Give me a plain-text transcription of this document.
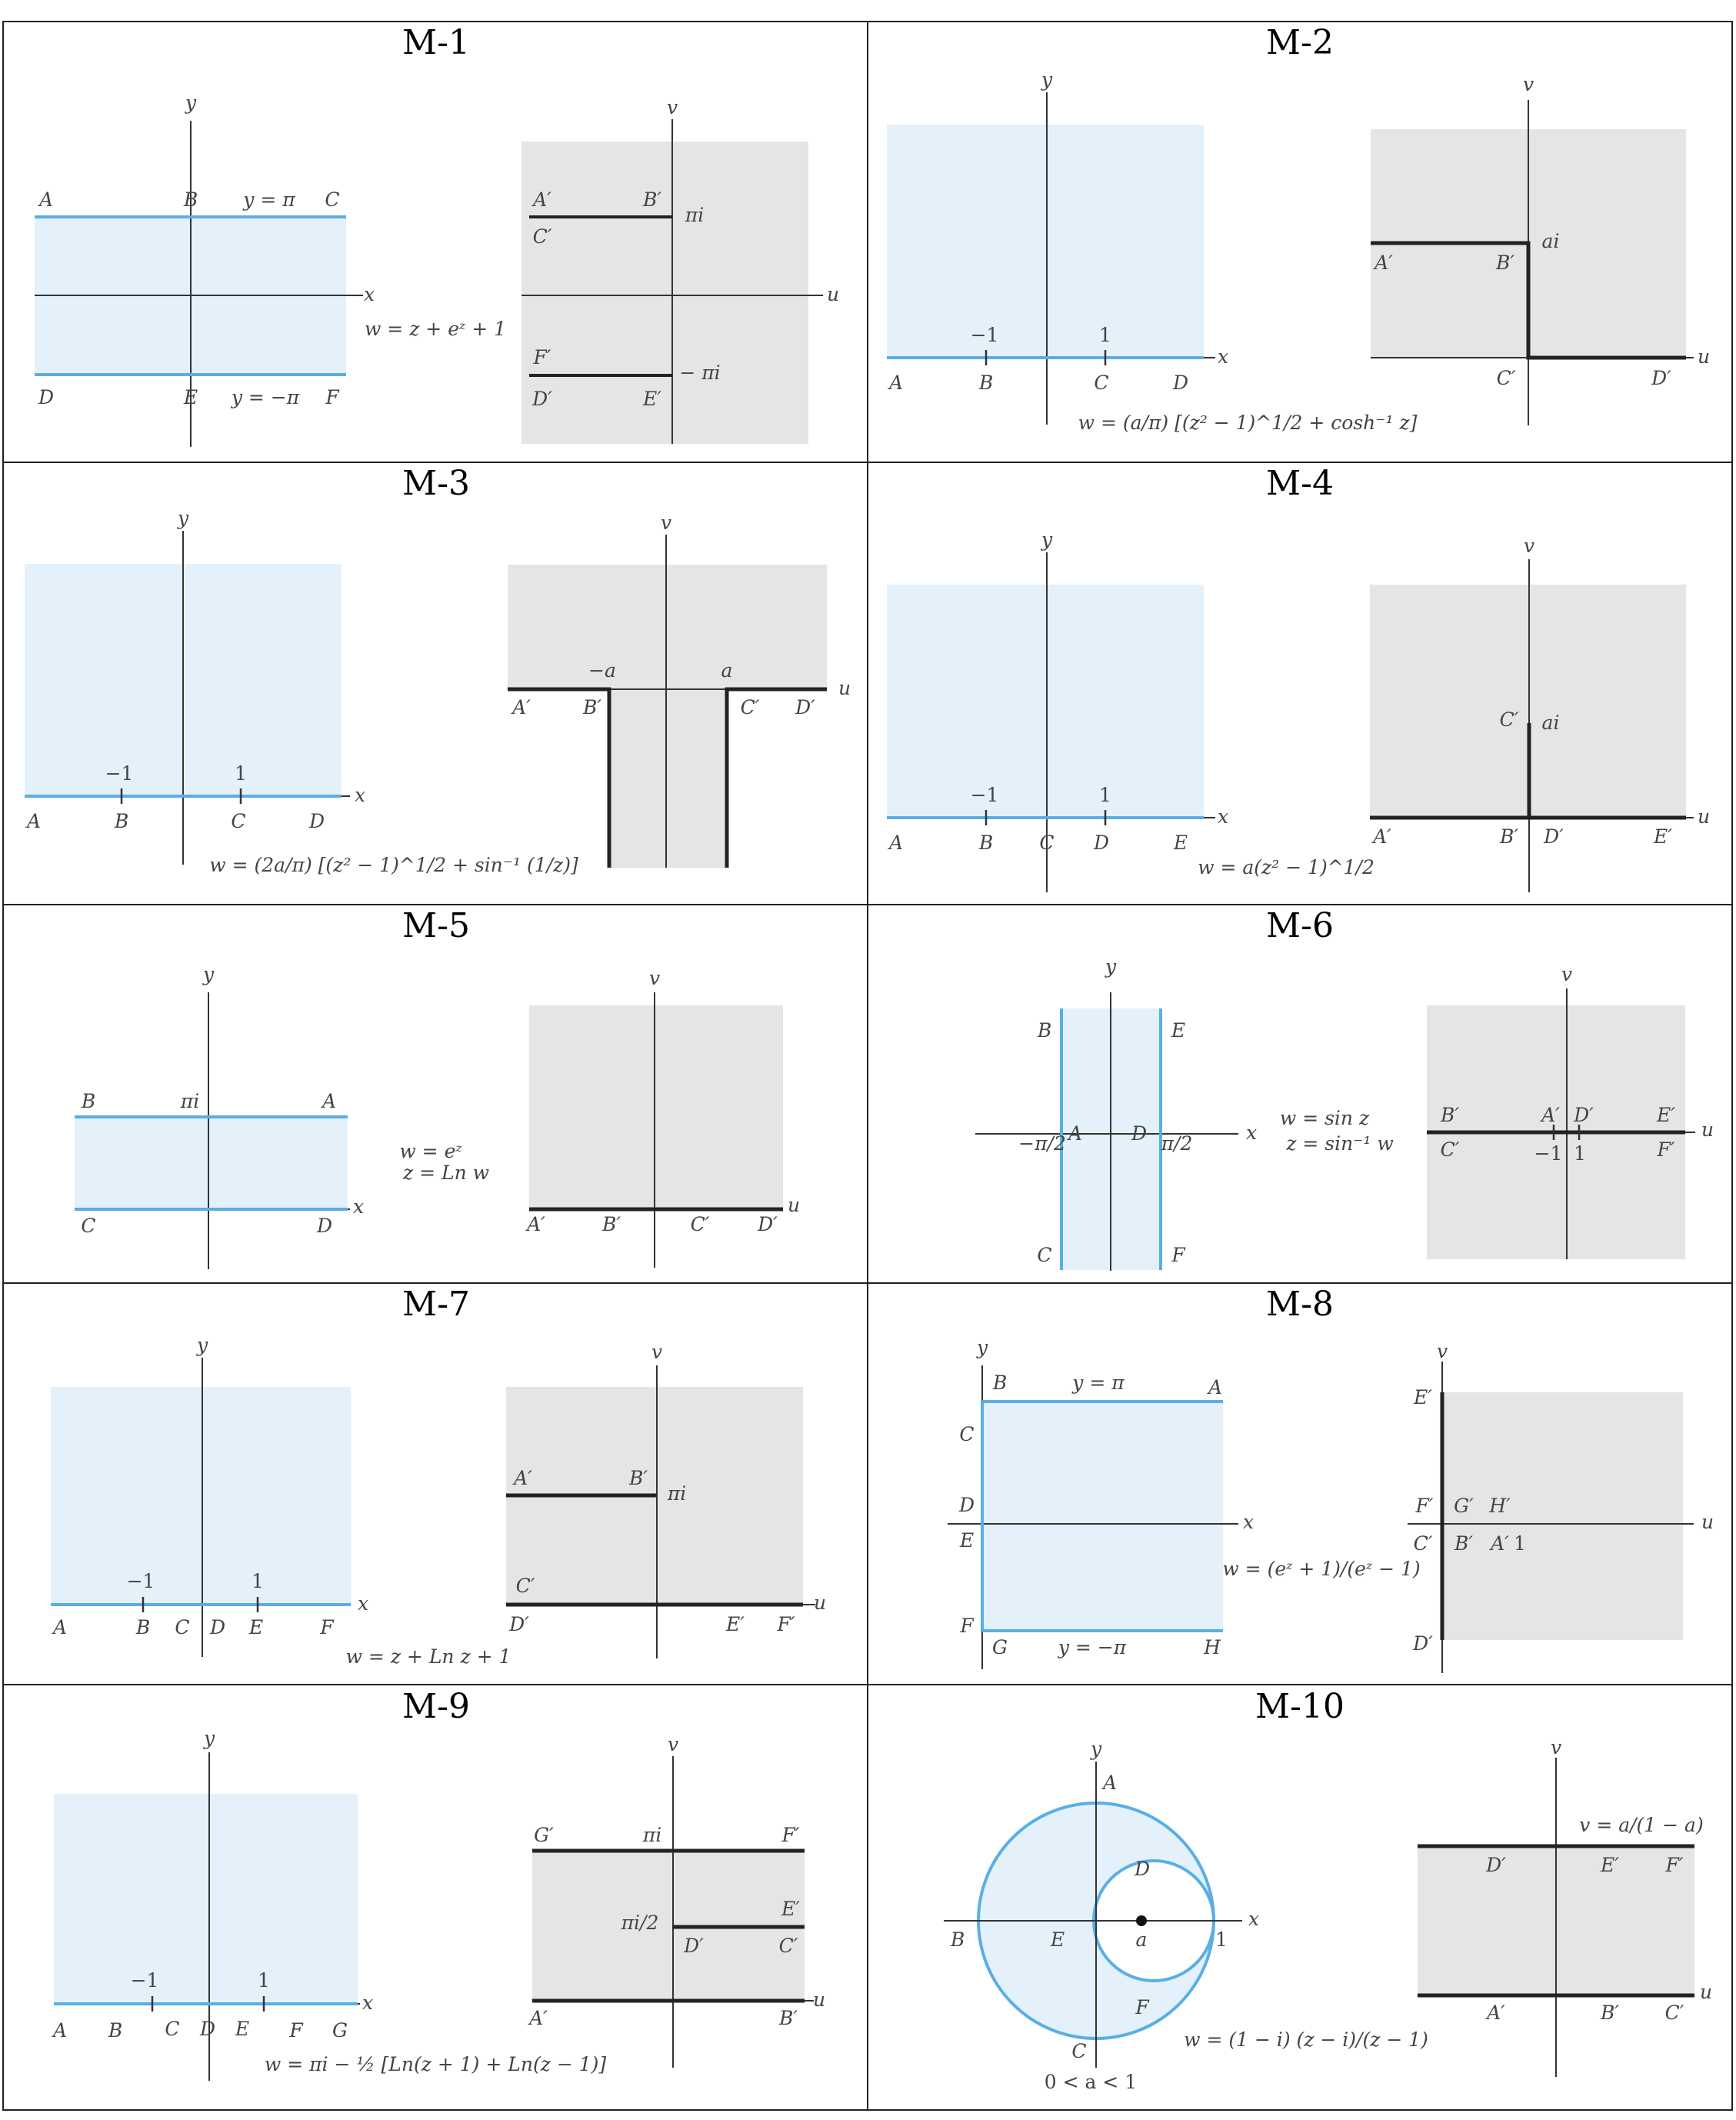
M-1	M-2
M-3	M-4
M-5	M-6
M-7	M-8
M-9	M-10
x
y
A	B y = π C
D	E y = −π F
u
v
A′	B′
πi
C′
F′
− πi
D′	E′
w = z + eᶻ + 1
x
y
−1	1
A	B	C	D
u
v
ai
A′	B′
C′	D′
w = (a/π) [(z² − 1)^1/2 + cosh⁻¹ z]
x
y
−1	1
A	B	C	D
u
v
−a	a
A′	B′	C′ D′
w = (2a/π) [(z² − 1)^1/2 + sin⁻¹ (1/z)]
x
y
−1	1
A	B C D	E
u
v
C′ ai
A′	B′ D′	E′
w = a(z² − 1)^1/2
x
y
B	πi	A
C	D
u
v
A′	B′	C′	D′
w = eᶻ
z = Ln w
x
y
B	E
A	D
C	F
−π/2	π/2
u
v
B′	A′ D′	E′
C′	−1 1	F′
w = sin z
z = sin⁻¹ w
x
y
−1	1
A	B C D E	F
u
v
A′	B′
πi
C′
D′	E′ F′
w = z + Ln z + 1
x
y
B	y = π	A
C
D
E
F
G	y = −π	H
u
v
E′
F′ G′ H′
C′ B′ A′ 1
D′
w = (eᶻ + 1)/(eᶻ − 1)
x
y
−1	1
A B C D E F G
u
v
G′	πi	F′
πi/2
E′
D′	C′
A′	B′
w = πi − ½ [Ln(z + 1) + Ln(z − 1)]
x
y
A
D
B	E	a	1
F
C
0 < a < 1
u
v
v = a/(1 − a)
D′	E′ F′
A′	B′ C′
w = (1 − i) (z − i)/(z − 1)
